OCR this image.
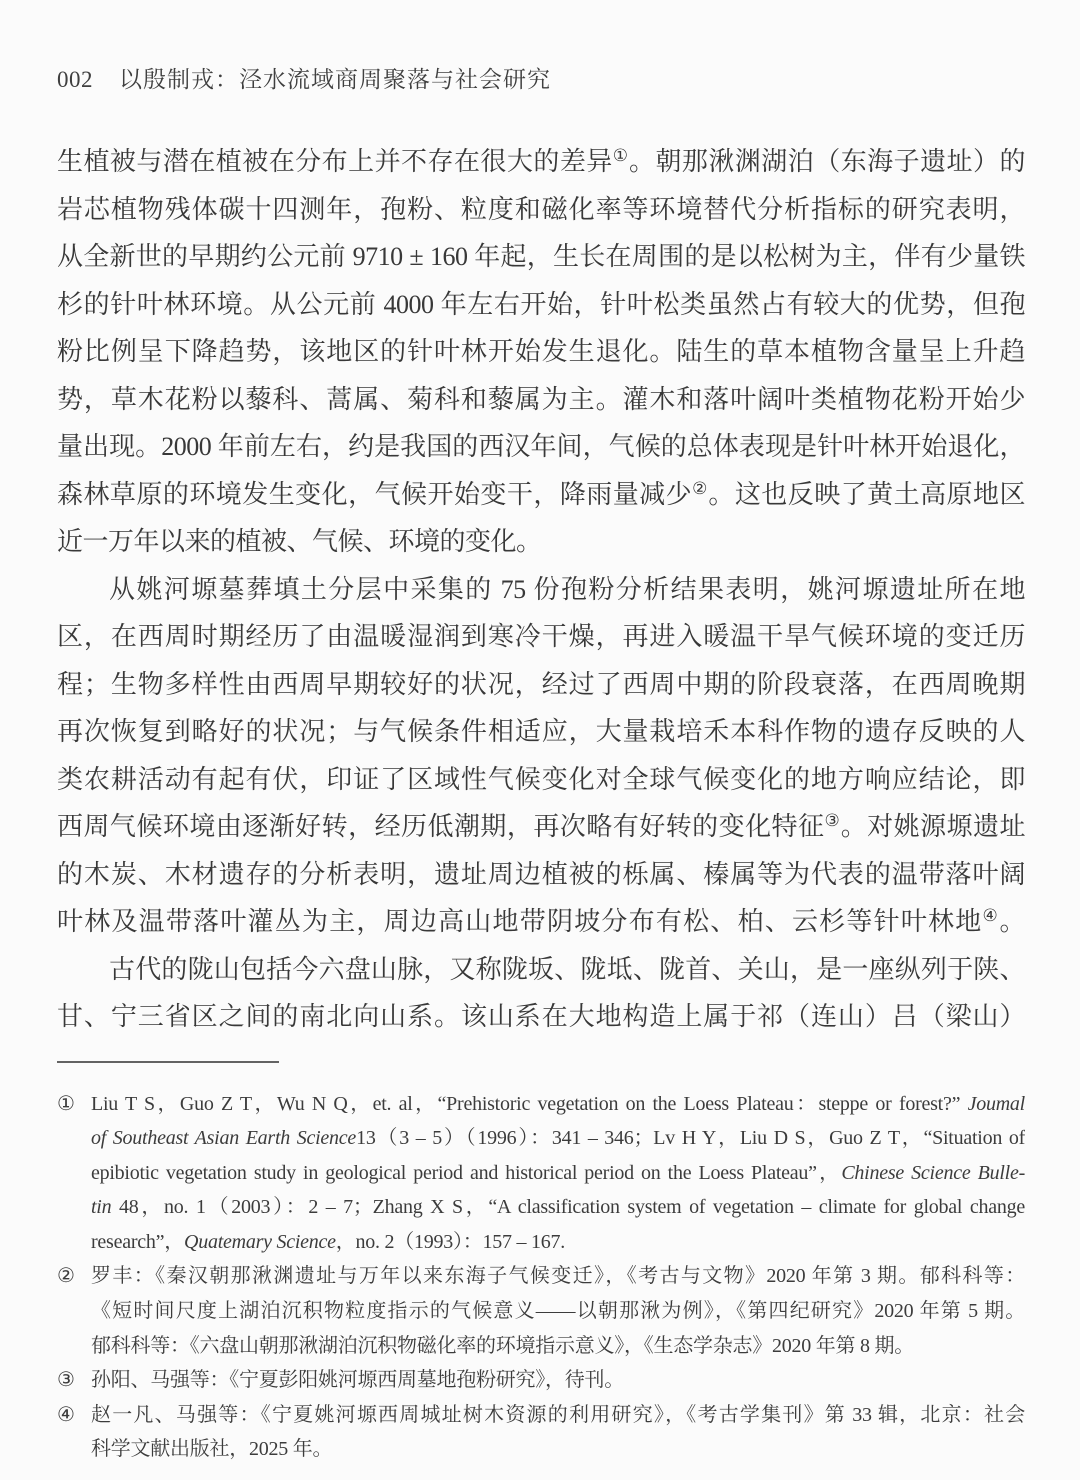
002 以殷制戎：泾水流域商周聚落与社会研究
生植被与潜在植被在分布上并不存在很大的差异①。朝那湫渊湖泊（东海子遗址）的
岩芯植物残体碳十四测年，孢粉、粒度和磁化率等环境替代分析指标的研究表明，
从全新世的早期约公元前 9710 ± 160 年起，生长在周围的是以松树为主，伴有少量铁
杉的针叶林环境。从公元前 4000 年左右开始，针叶松类虽然占有较大的优势，但孢
粉比例呈下降趋势，该地区的针叶林开始发生退化。陆生的草本植物含量呈上升趋
势，草木花粉以藜科、蒿属、菊科和藜属为主。灌木和落叶阔叶类植物花粉开始少
量出现。2000 年前左右，约是我国的西汉年间，气候的总体表现是针叶林开始退化，
森林草原的环境发生变化，气候开始变干，降雨量减少②。这也反映了黄土高原地区
近一万年以来的植被、气候、环境的变化。
从姚河塬墓葬填土分层中采集的 75 份孢粉分析结果表明，姚河塬遗址所在地
区，在西周时期经历了由温暖湿润到寒冷干燥，再进入暖温干旱气候环境的变迁历
程；生物多样性由西周早期较好的状况，经过了西周中期的阶段衰落，在西周晚期
再次恢复到略好的状况；与气候条件相适应，大量栽培禾本科作物的遗存反映的人
类农耕活动有起有伏，印证了区域性气候变化对全球气候变化的地方响应结论，即
西周气候环境由逐渐好转，经历低潮期，再次略有好转的变化特征③。对姚源塬遗址
的木炭、木材遗存的分析表明，遗址周边植被的栎属、榛属等为代表的温带落叶阔
叶林及温带落叶灌丛为主，周边高山地带阴坡分布有松、柏、云杉等针叶林地④。
古代的陇山包括今六盘山脉，又称陇坂、陇坻、陇首、关山，是一座纵列于陕、
甘、宁三省区之间的南北向山系。该山系在大地构造上属于祁（连山）吕（梁山）
① Liu T S，Guo Z T，Wu N Q，et. al，“Prehistoric vegetation on the Loess Plateau：steppe or forest?” Joumal
of Southeast Asian Earth Science13（3 – 5）（1996）：341 – 346；Lv H Y，Liu D S，Guo Z T，“Situation of
epibiotic vegetation study in geological period and historical period on the Loess Plateau”，Chinese Science Bulle-
tin 48，no. 1（2003）：2 – 7；Zhang X S，“A classification system of vegetation – climate for global change
research”，Quatemary Science，no. 2（1993）：157 – 167.
② 罗丰：《秦汉朝那湫渊遗址与万年以来东海子气候变迁》，《考古与文物》2020 年第 3 期。郁科科等：
《短时间尺度上湖泊沉积物粒度指示的气候意义——以朝那湫为例》，《第四纪研究》2020 年第 5 期。
郁科科等：《六盘山朝那湫湖泊沉积物磁化率的环境指示意义》，《生态学杂志》2020 年第 8 期。
③ 孙阳、马强等：《宁夏彭阳姚河塬西周墓地孢粉研究》，待刊。
④ 赵一凡、马强等：《宁夏姚河塬西周城址树木资源的利用研究》，《考古学集刊》第 33 辑，北京：社会
科学文献出版社，2025 年。
